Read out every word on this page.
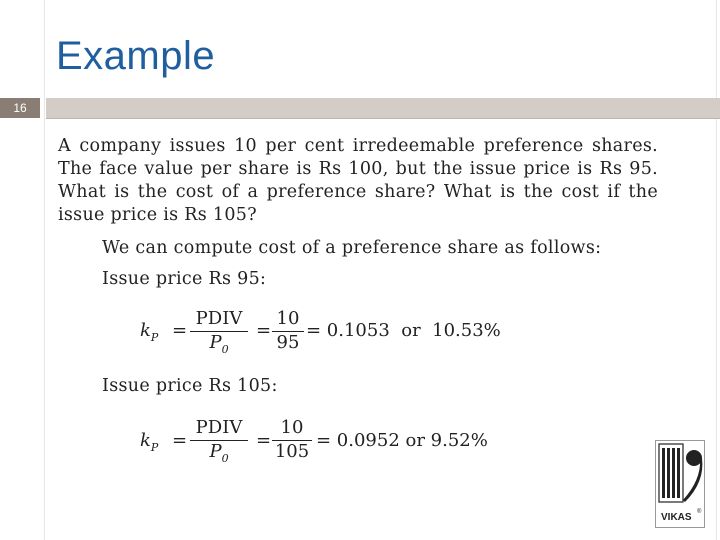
Example
16
A company issues 10 per cent irredeemable preference shares. The face value per share is Rs 100, but the issue price is Rs 95. What is the cost of a preference share? What is the cost if the issue price is Rs 105?
We can compute cost of a preference share as follows:
Issue price Rs 95:
$k_P$ =
PDIV
$P_0$
=
10
95
= 0.1053  or  10.53%
Issue price Rs 105:
$k_P$ =
PDIV
$P_0$
=
10
105
= 0.0952 or 9.52%
VIKAS ®
